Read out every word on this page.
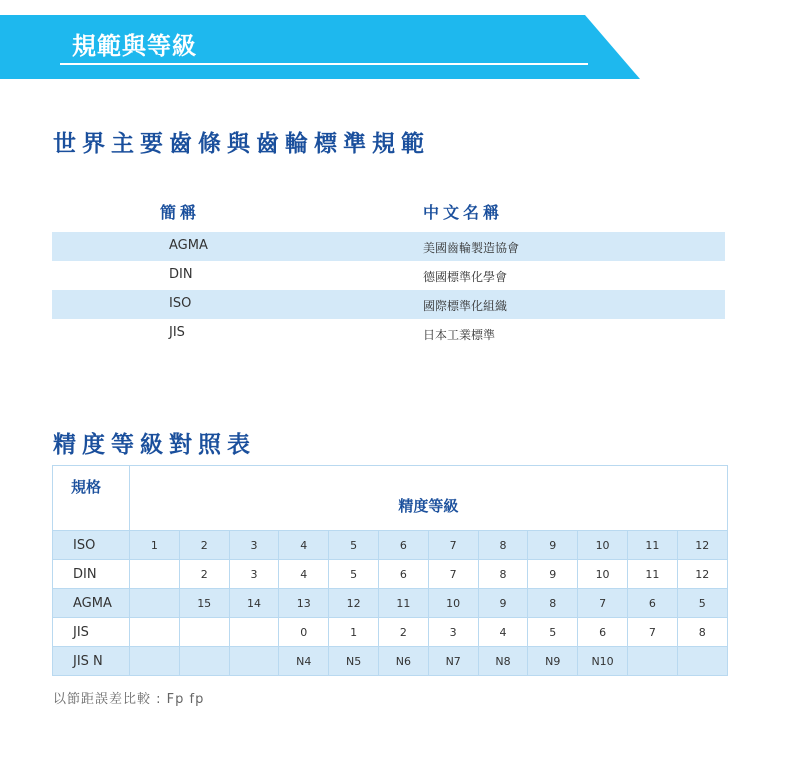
規範與等級
世界主要齒條與齒輪標準規範
簡稱	中文名稱
AGMA	美國齒輪製造協會
DIN	德國標準化學會
ISO	國際標準化組織
JIS	日本工業標準
精度等級對照表
規格	精度等級											
ISO	1	2	3	4	5	6	7	8	9	10	11	12
DIN		2	3	4	5	6	7	8	9	10	11	12
AGMA		15	14	13	12	11	10	9	8	7	6	5
JIS				0	1	2	3	4	5	6	7	8
JIS N				N4	N5	N6	N7	N8	N9	N10		
以節距誤差比較 : Fp fp
